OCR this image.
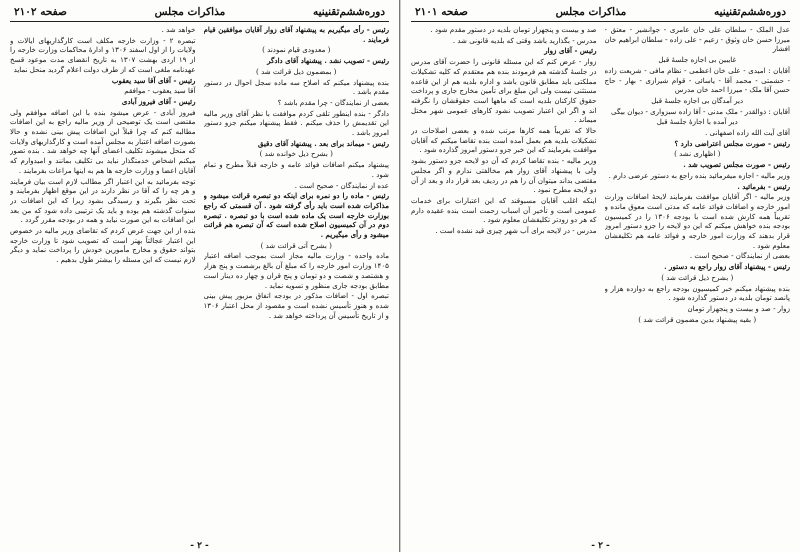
دوره‌ششم‌تقنینیه
مذاکرات مجلس
صفحه ۲۱۰۲

رئیس - رأی میگیریم به پیشنهاد آقای زوار آقایان موافقین قیام فرمایند .

( معدودی قیام نمودند )

رئیس - تصویب نشد . پیشنهاد آقای دادگر

( بمضمون ذیل قرائت شد )

بنده پیشنهاد میکنم که اصلاح سه ماده سجل احوال در دستور مقدم باشد .

بعضی از نمایندگان - چرا مقدم باشد ؟

دادگر - بنده اینطور تلقی کردم موافقت با نظر آقای وزیر مالیه این تقدیمش را حذف میکنم . فقط پیشنهاد میکنم جزو دستور امروز باشد .

رئیس - میماند برای بعد . پیشنهاد آقای دقیق

( بشرح ذیل خوانده شد )

پیشنهاد میکنم اضافات فوائد عامه و خارجه قبلاً مطرح و تمام شود .

عده از نمایندگان - صحیح است .

رئیس - ماده را دو نمره برای اینکه دو تبصره قرائت میشود و مذاکرات شده است باید رأی گرفته شود . آن قسمتی که راجع بوزارت خارجه است یک ماده شده است با دو تبصره . تبصره دوم در آن کمیسیون اصلاح شده است که آن تبصره هم قرائت میشود و رأی میگیریم .

( بشرح آتی قرائت شد )

ماده واحده - وزارت مالیه مجاز است بموجب اضافه اعتبار ۱۴۰۵ وزارت امور خارجه را که مبلغ آن بالغ برشصت و پنج هزار و هشتصد و شصت و دو تومان و پنج قران و چهار ده دینار است مطابق بودجه جاری منظور و تسویه نماید .

تبصره اول - اضافات مذکور در بودجه اتفاق مزبور پیش بینی شده و هنوز تأسیس نشده است و مقصود از محل اعتبار ۱۳۰۶ و از تاریخ تأسیس آن پرداخته خواهد شد .

خواهد شد .

تبصره ۲ - وزارت خارجه مکلف است کارگذاریهای ایالات و ولایات را از اول اسفند ۱۳۰۶ و ادارهٔ محاکمات وزارت خارجه را از ۱۹ اردی بهشت ۱۳۰۷ به تاریخ انقضای مدت موعود قسخ عهدنامه ملغی است که از طرف دولت اعلام گردید منحل نماید

رئیس - آقای آقا سید یعقوب

آقا سید یعقوب - موافقم

رئیس - آقای فیروز آبادی

فیروز آبادی - عرض میشود بنده با این اضافه موافقم ولی مقتضی است یک توضیحی از وزیر مالیه راجع به این اضافات مطالبه کنم که چرا قبلاً این اضافات پیش بینی نشده و حالا بصورت اضافه اعتبار به مجلس آمده است و کارگذاریهای ولایات که منحل میشوند تکلیف اعضای آنها چه خواهد شد . بنده تصور میکنم اشخاص خدمتگذار نباید بی تکلیف بمانند و امیدوارم که آقایان اعضا و وزارت خارجه ها هم به اینها مراعات بفرمایند .

توجه بفرمائید به این اعتبار اگر مطالب لازم است بیان فرمایند و هر چه را که آقا در نظر دارند در این موقع اظهار بفرمایند و تحت نظر بگیرند و رسیدگی بشود زیرا که این اضافات در سنوات گذشته هم بوده و باید یک ترتیبی داده شود که من بعد این اضافات به این صورت نیاید و همه در بودجه مقرر گردد .

بنده از این جهت عرض کردم که تقاضای وزیر مالیه در خصوص این اعتبار عجالتاً بهتر است که تصویب شود تا وزارت خارجه بتواند حقوق و مخارج مأمورین خودش را پرداخت نماید و دیگر لازم نیست که این مسئله را بیشتر طول بدهیم .

- ۲ -
دوره‌ششم‌تقنینیه
مذاکرات مجلس
صفحه ۲۱۰۱

عدل الملک - سلطان علی خان عامری - جوانشیر - معتق - میرزا حسن خان وثوق - زعیم - علی زاده - سلطان ابراهیم خان افشار

غایبین بی اجازه جلسهٔ قبل

آقایان : امیدی - علی خان اعظمی - نظام مافی - شریعت زاده - حشمتی - محمد آقا - یاسائی - قوام شیرازی - بهار - حاج حسن آقا ملک - میرزا احمد خان مدرس

دیر آمدگان بی اجازه جلسهٔ قبل

آقایان : ذوالقدر - ملک مدنی - آقا زاده سبزواری - دیوان بیگی

دیر آمده با اجازهٔ جلسهٔ قبل

آقای آیت الله زاده اصفهانی .

رئیس - صورت مجلس اعتراضی دارد ؟

( اظهاری نشد )

رئیس - صورت مجلس تصویب شد .

وزیر مالیه - اجازه میفرمائید بنده راجع به دستور عرضی دارم .

رئیس - بفرمائید .

وزیر مالیه - اگر آقایان موافقت بفرمایند لایحهٔ اضافات وزارت امور خارجه و اضافات فوائد عامه که مدتی است معوق مانده و تقریباً همه کارش شده است با بودجه ۱۳۰۶ را در کمیسیون بودجه بنده خواهش میکنم که این دو لایحه را جزو دستور امروز قرار بدهند که وزارت امور خارجه و فوائد عامه هم تکلیفشان معلوم شود .

بعضی از نمایندگان - صحیح است .

رئیس - پیشنهاد آقای زوار راجع به دستور .

( بشرح ذیل قرائت شد )

بنده پیشنهاد میکنم خبر کمیسیون بودجه راجع به دوازده هزار و پانصد تومان بلدیه در دستور گذارده شود .

زوار - صد و بیست و پنجهزار تومان

( بقیه پیشنهاد بدین مضمون قرائت شد )

صد و بیست و پنجهزار تومان بلدیه در دستور مقدم شود .

مدرس - بگذارید باشد وقتی که بلدیه قانونی شد .

رئیس - آقای زوار

زوار - عرض کنم که این مسئله قانونی را حضرت آقای مدرس در جلسهٔ گذشته هم فرمودند بنده هم معتقدم که کلیه تشکیلات مملکتی باید مطابق قانون باشد و اداره بلدیه هم از این قاعده مستثنی نیست ولی این مبلغ برای تأمین مخارج جاری و پرداخت حقوق کارکنان بلدیه است که ماهها است حقوقشان را نگرفته اند و اگر این اعتبار تصویب نشود کارهای عمومی شهر مختل میماند .

حالا که تقریباً همه کارها مرتب شده و بعضی اصلاحات در تشکیلات بلدیه هم بعمل آمده است بنده تقاضا میکنم که آقایان موافقت بفرمایند که این خبر جزو دستور امروز گذارده شود .

وزیر مالیه - بنده تقاضا کردم که آن دو لایحه جزو دستور بشود ولی با پیشنهاد آقای زوار هم مخالفتی ندارم و اگر مجلس مقتضی بداند میتوان آن را هم در ردیف بعد قرار داد و بعد از آن دو لایحه مطرح نمود .

اینکه اغلب آقایان مسبوقند که این اعتبارات برای خدمات عمومی است و تأخیر آن اسباب زحمت است بنده عقیده دارم که هر دو زودتر تکلیفشان معلوم شود .

مدرس - در لایحه برای آب شهر چیزی قید نشده است .

- ۲ -
